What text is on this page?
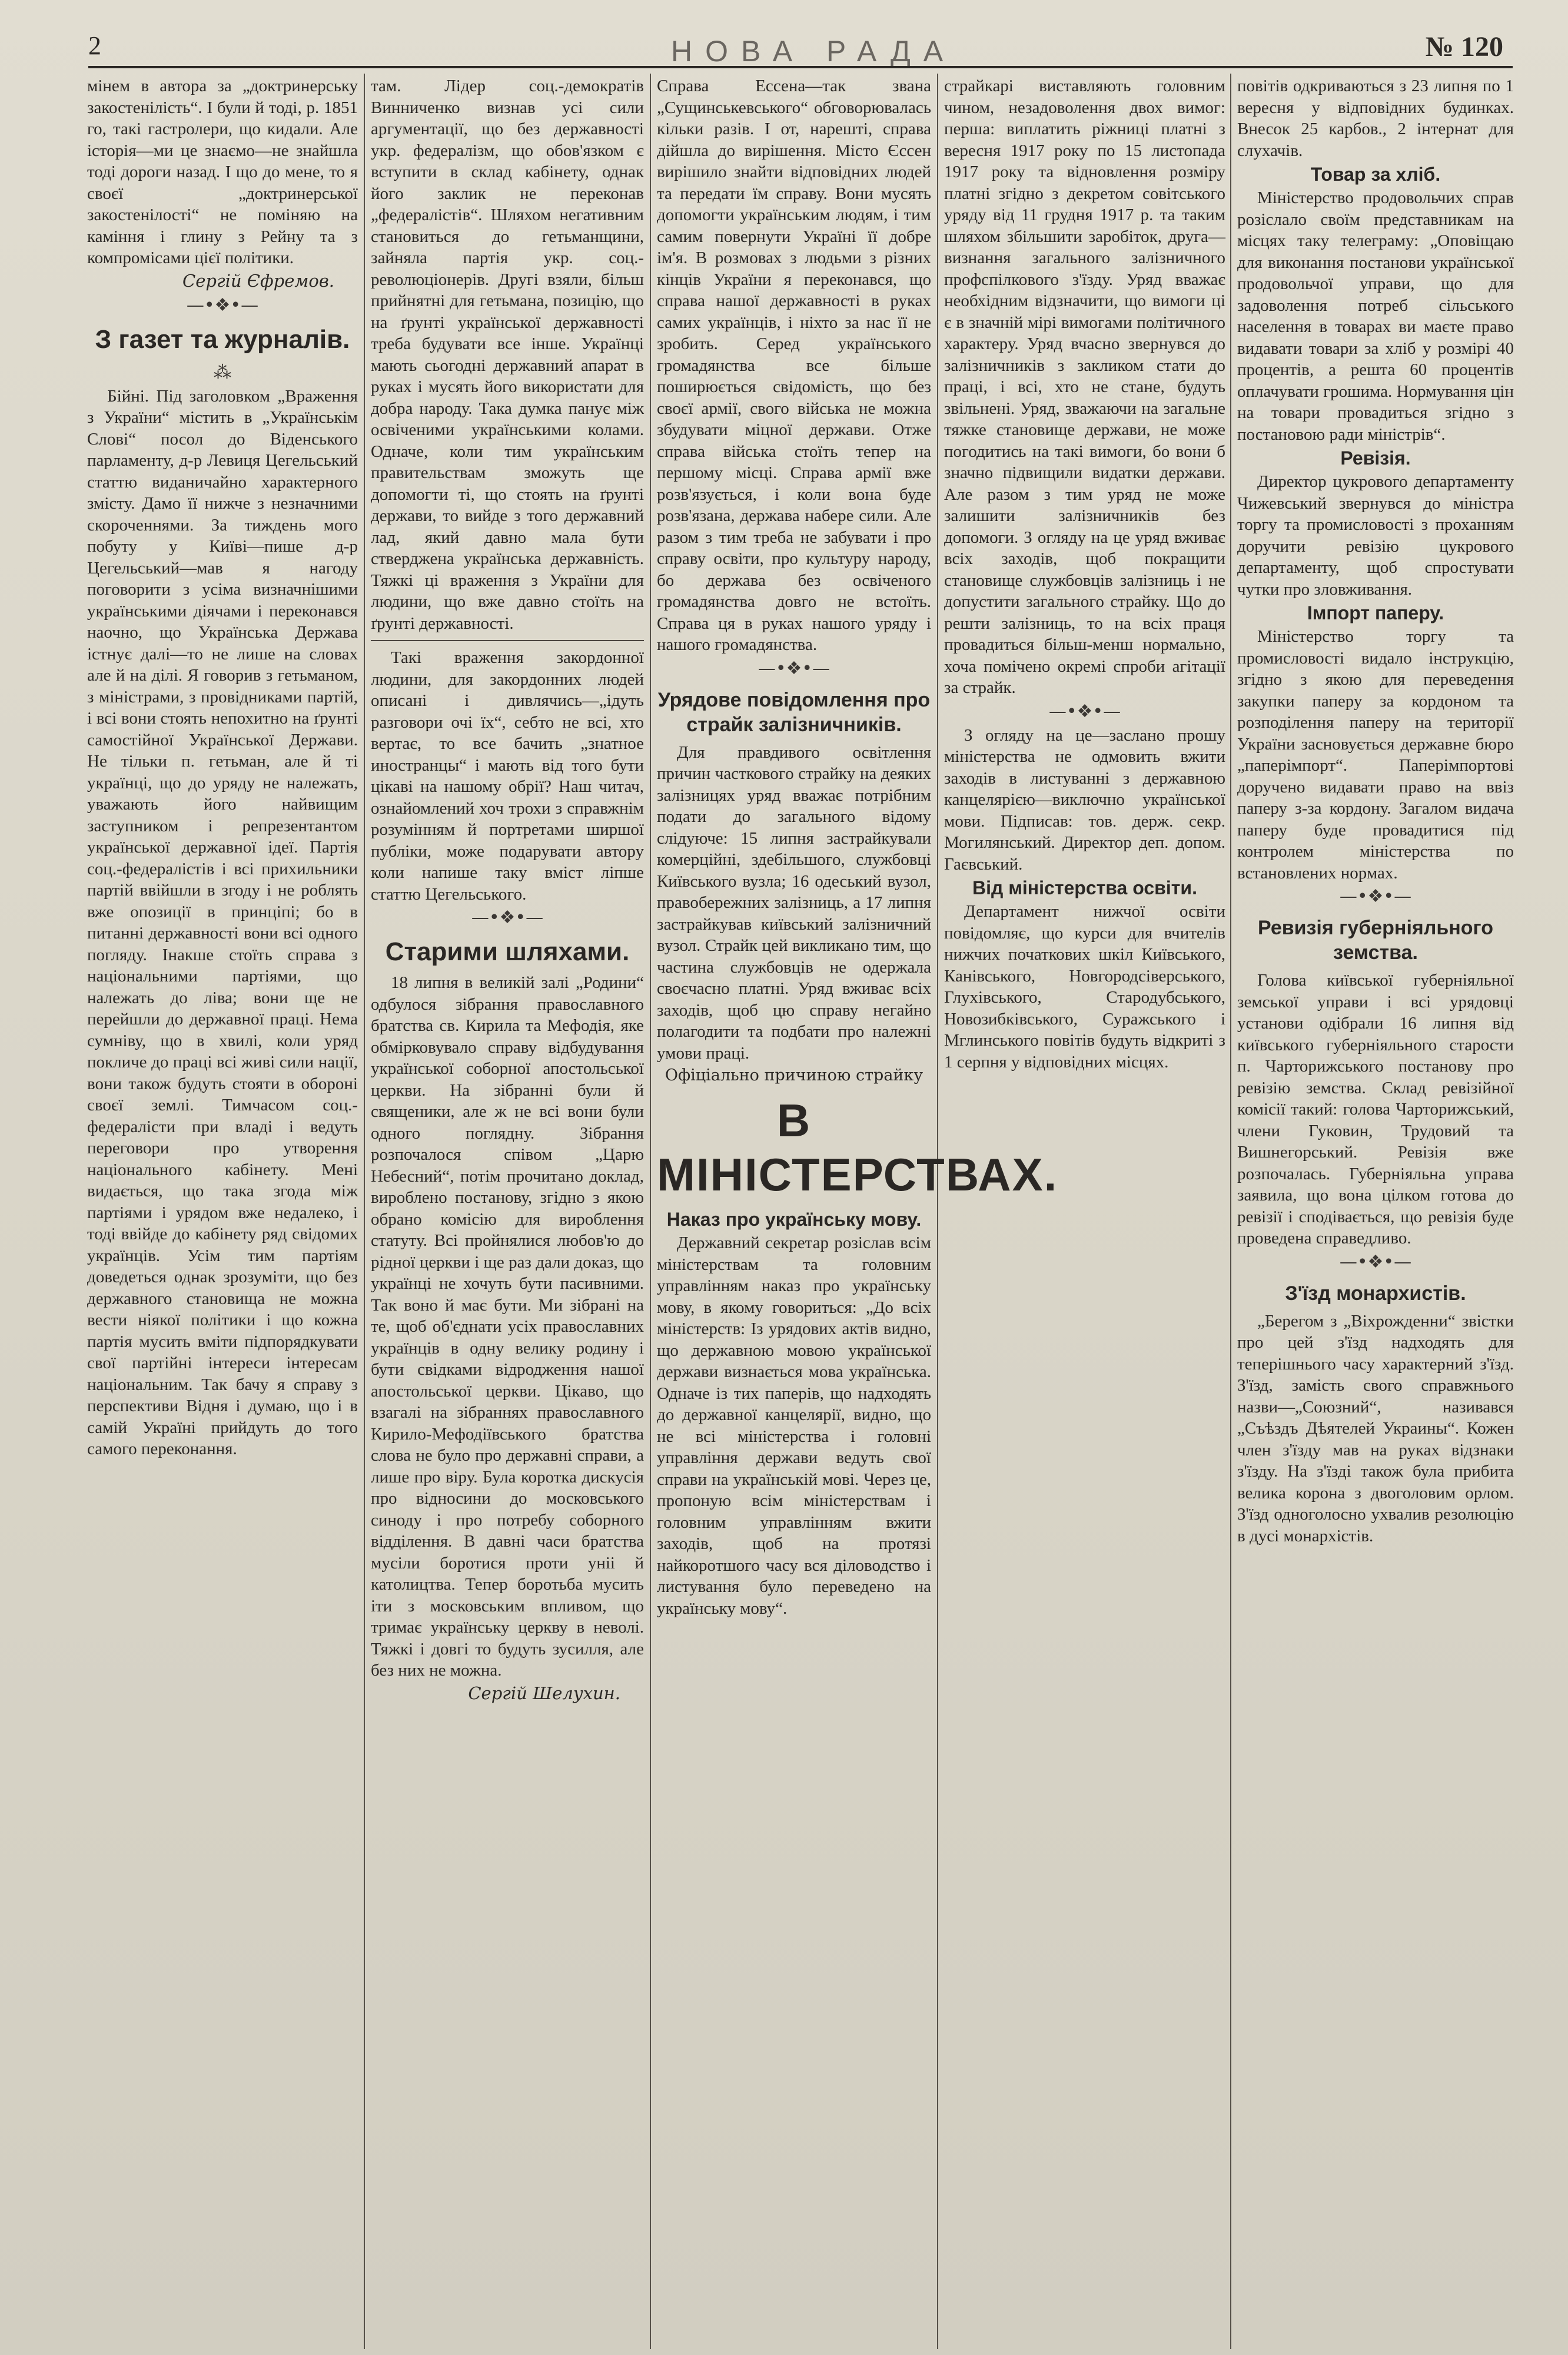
2	НОВА РАДА	№ 120

мінем в автора за „доктринерську закостенілість“. І були й тоді, р. 1851 го, такі гастролери, що кидали. Але історія—ми це знаємо—не знайшла тоді дороги назад. І що до мене, то я своєї „доктринерської закостенілості“ не поміняю на каміння і глину з Рейну та з компромісами цієї політики.

Сергій Єфремов.
—•❖•—
З газет та журналів.
⁂

Бійні. Під заголовком „Враження з України“ містить в „Українськім Слові“ посол до Віденського парламенту, д-р Левиця Цегельський статтю виданичайно характерного змісту. Дамо її нижче з незначними скороченнями. За тиждень мого побуту у Київі—пише д-р Цегельський—мав я нагоду поговорити з усіма визначнішими українськими діячами і переконався наочно, що Українська Держава істнує далі—то не лише на словах але й на ділі. Я говорив з гетьманом, з міністрами, з провідниками партій, і всі вони стоять непохитно на ґрунті самостійної Української Держави. Не тільки п. гетьман, але й ті українці, що до уряду не належать, уважають його найвищим заступником і репрезентантом української державної ідеї. Партія соц.-федералістів і всі прихильники партій ввійшли в згоду і не роблять вже опозиції в принціпі; бо в питанні державності вони всі одного погляду. Інакше стоїть справа з національними партіями, що належать до ліва; вони ще не перейшли до державної праці. Нема сумніву, що в хвилі, коли уряд покличе до праці всі живі сили нації, вони також будуть стояти в обороні своєї землі. Тимчасом соц.-федералісти при владі і ведуть переговори про утворення національного кабінету. Мені видається, що така згода між партіями і урядом вже недалеко, і тоді ввійде до кабінету ряд свідомих українців. Усім тим партіям доведеться однак зрозуміти, що без державного становища не можна вести ніякої політики і що кожна партія мусить вміти підпорядкувати свої партійні інтереси інтересам національним. Так бачу я справу з перспективи Відня і думаю, що і в самій Україні прийдуть до того самого переконання.

там. Лідер соц.-демократів Винниченко визнав усі сили аргументації, що без державності укр. федералізм, що обов'язком є вступити в склад кабінету, однак його заклик не переконав „федералістів“. Шляхом негативним становиться до гетьманщини, зайняла партія укр. соц.-революціонерів. Другі взяли, більш прийнятні для гетьмана, позицію, що на ґрунті української державності треба будувати все інше. Українці мають сьогодні державний апарат в руках і мусять його використати для добра народу. Така думка панує між освіченими українськими колами. Одначе, коли тим українським правительствам зможуть ще допомогти ті, що стоять на ґрунті держави, то вийде з того державний лад, який давно мала бути стверджена українська державність. Тяжкі ці враження з України для людини, що вже давно стоїть на ґрунті державності.

Такі враження закордонної людини, для закордонних людей описані і дивлячись—„ідуть разговори очі їх“, себто не всі, хто вертає, то все бачить „знатное иностранцы“ і мають від того бути цікаві на нашому обрії? Наш читач, ознайомлений хоч трохи з справжнім розумінням й портретами ширшої публіки, може подарувати автору коли напише таку вміст ліпше статтю Цегельського.

—•❖•—
Старими шляхами.

18 липня в великій залі „Родини“ одбулося зібрання православного братства св. Кирила та Мефодія, яке обмірковувало справу відбудування української соборної апостольської церкви. На зібранні були й священики, але ж не всі вони були одного поглядну. Зібрання розпочалося співом „Царю Небесний“, потім прочитано доклад, вироблено постанову, згідно з якою обрано комісію для вироблення статуту. Всі пройнялися любов'ю до рідної церкви і ще раз дали доказ, що українці не хочуть бути пасивними. Так воно й має бути. Ми зібрані на те, щоб об'єднати усіх православних українців в одну велику родину і бути свідками відродження нашої апостольської церкви. Цікаво, що взагалі на зібраннях православного Кирило-Мефодіївського братства слова не було про державні справи, а лише про віру. Була коротка дискусія про відносини до московського синоду і про потребу соборного відділення. В давні часи братства мусіли боротися проти уніі й католицтва. Тепер боротьба мусить іти з московським впливом, що тримає українську церкву в неволі. Тяжкі і довгі то будуть зусилля, але без них не можна.

Сергій Шелухин.

Справа Ессена—так звана „Сущинськевського“ обговорювалась кільки разів. І от, нарешті, справа дійшла до вирішення. Місто Єссен вирішило знайти відповідних людей та передати їм справу. Вони мусять допомогти українським людям, і тим самим повернути Україні її добре ім'я. В розмовах з людьми з різних кінців України я переконався, що справа нашої державності в руках самих українців, і ніхто за нас її не зробить. Серед українського громадянства все більше поширюється свідомість, що без своєї армії, свого війська не можна збудувати міцної держави. Отже справа війська стоїть тепер на першому місці. Справа армії вже розв'язується, і коли вона буде розв'язана, держава набере сили. Але разом з тим треба не забувати і про справу освіти, про культуру народу, бо держава без освіченого громадянства довго не встоїть. Справа ця в руках нашого уряду і нашого громадянства.

—•❖•—
Урядове повідомлення про страйк залізничників.

Для правдивого освітлення причин часткового страйку на деяких залізницях уряд вважає потрібним подати до загального відому слідуюче: 15 липня застрайкували комерційні, здебільшого, службовці Київського вузла; 16 одеський вузол, правобережних залізниць, а 17 липня застрайкував київський залізничний вузол. Страйк цей викликано тим, що частина службовців не одержала своєчасно платні. Уряд вживає всіх заходів, щоб цю справу негайно полагодити та подбати про належні умови праці.

Офіціально причиною страйку
В МІНІСТЕРСТВАХ.
Наказ про українську мову.

Державний секретар розіслав всім міністерствам та головним управлінням наказ про українську мову, в якому говориться: „До всіх міністерств: Із урядових актів видно, що державною мовою української держави визнається мова українська. Одначе із тих паперів, що надходять до державної канцелярії, видно, що не всі міністерства і головні управління держави ведуть свої справи на українській мові. Через це, пропоную всім міністерствам і головним управлінням вжити заходів, щоб на протязі найкоротшого часу вся діловодство і листування було переведено на українську мову“.

страйкарі виставляють головним чином, незадоволення двох вимог: перша: виплатить ріжниці платні з вересня 1917 року по 15 листопада 1917 року та відновлення розміру платні згідно з декретом совітського уряду від 11 грудня 1917 р. та таким шляхом збільшити заробіток, друга—визнання загального залізничного профспілкового з'їзду. Уряд вважає необхідним відзначити, що вимоги ці є в значній мірі вимогами політичного характеру. Уряд вчасно звернувся до залізничників з закликом стати до праці, і всі, хто не стане, будуть звільнені. Уряд, зважаючи на загальне тяжке становище держави, не може погодитись на такі вимоги, бо вони б значно підвищили видатки держави. Але разом з тим уряд не може залишити залізничників без допомоги. З огляду на це уряд вживає всіх заходів, щоб покращити становище службовців залізниць і не допустити загального страйку. Що до решти залізниць, то на всіх праця провадиться більш-менш нормально, хоча помічено окремі спроби агітації за страйк.

—•❖•—

З огляду на це—заслано прошу міністерства не одмовить вжити заходів в листуванні з державною канцелярією—виключно української мови. Підписав: тов. держ. секр. Могилянський. Директор деп. допом. Гаєвський.

Від міністерства освіти.

Департамент нижчої освіти повідомляє, що курси для вчителів нижчих початкових шкіл Київського, Канівського, Новгородсіверського, Глухівського, Стародубського, Новозибківського, Суражського і Мглинського повітів будуть відкриті з 1 серпня у відповідних місцях.

повітів одкриваються з 23 липня по 1 вересня у відповідних будинках. Внесок 25 карбов., 2 інтернат для слухачів.

Товар за хліб.

Міністерство продовольчих справ розіслало своїм представникам на місцях таку телеграму: „Оповіщаю для виконання постанови української продовольчої управи, що для задоволення потреб сільського населення в товарах ви маєте право видавати товари за хліб у розмірі 40 процентів, а решта 60 процентів оплачувати грошима. Нормування цін на товари провадиться згідно з постановою ради міністрів“.

Ревізія.

Директор цукрового департаменту Чижевський звернувся до міністра торгу та промисловості з проханням доручити ревізію цукрового департаменту, щоб спростувати чутки про зловживання.

Імпорт паперу.

Міністерство торгу та промисловості видало інструкцію, згідно з якою для переведення закупки паперу за кордоном та розподілення паперу на території України засновується державне бюро „паперімпорт“. Паперімпортові доручено видавати право на ввіз паперу з-за кордону. Загалом видача паперу буде провадитися під контролем міністерства по встановлених нормах.

—•❖•—
Ревизія губерніяльного земства.

Голова київської губерніяльної земської управи і всі урядовці установи одібрали 16 липня від київського губерніяльного старости п. Чарторижського постанову про ревізію земства. Склад ревізійної комісії такий: голова Чарторижський, члени Гуковин, Трудовий та Вишнегорський. Ревізія вже розпочалась. Губерніяльна управа заявила, що вона цілком готова до ревізії і сподівається, що ревізія буде проведена справедливо.

—•❖•—
З'їзд монархистів.

„Берегом з „Віхрожденни“ звістки про цей з'їзд надходять для теперішнього часу характерний з'їзд. З'їзд, замість свого справжнього назви—„Союзний“, називався „Съѣздъ Дѣятелей Украины“. Кожен член з'їзду мав на руках відзнаки з'їзду. На з'їзді також була прибита велика корона з двоголовим орлом. З'їзд одноголосно ухвалив резолюцію в дусі монархістів.
